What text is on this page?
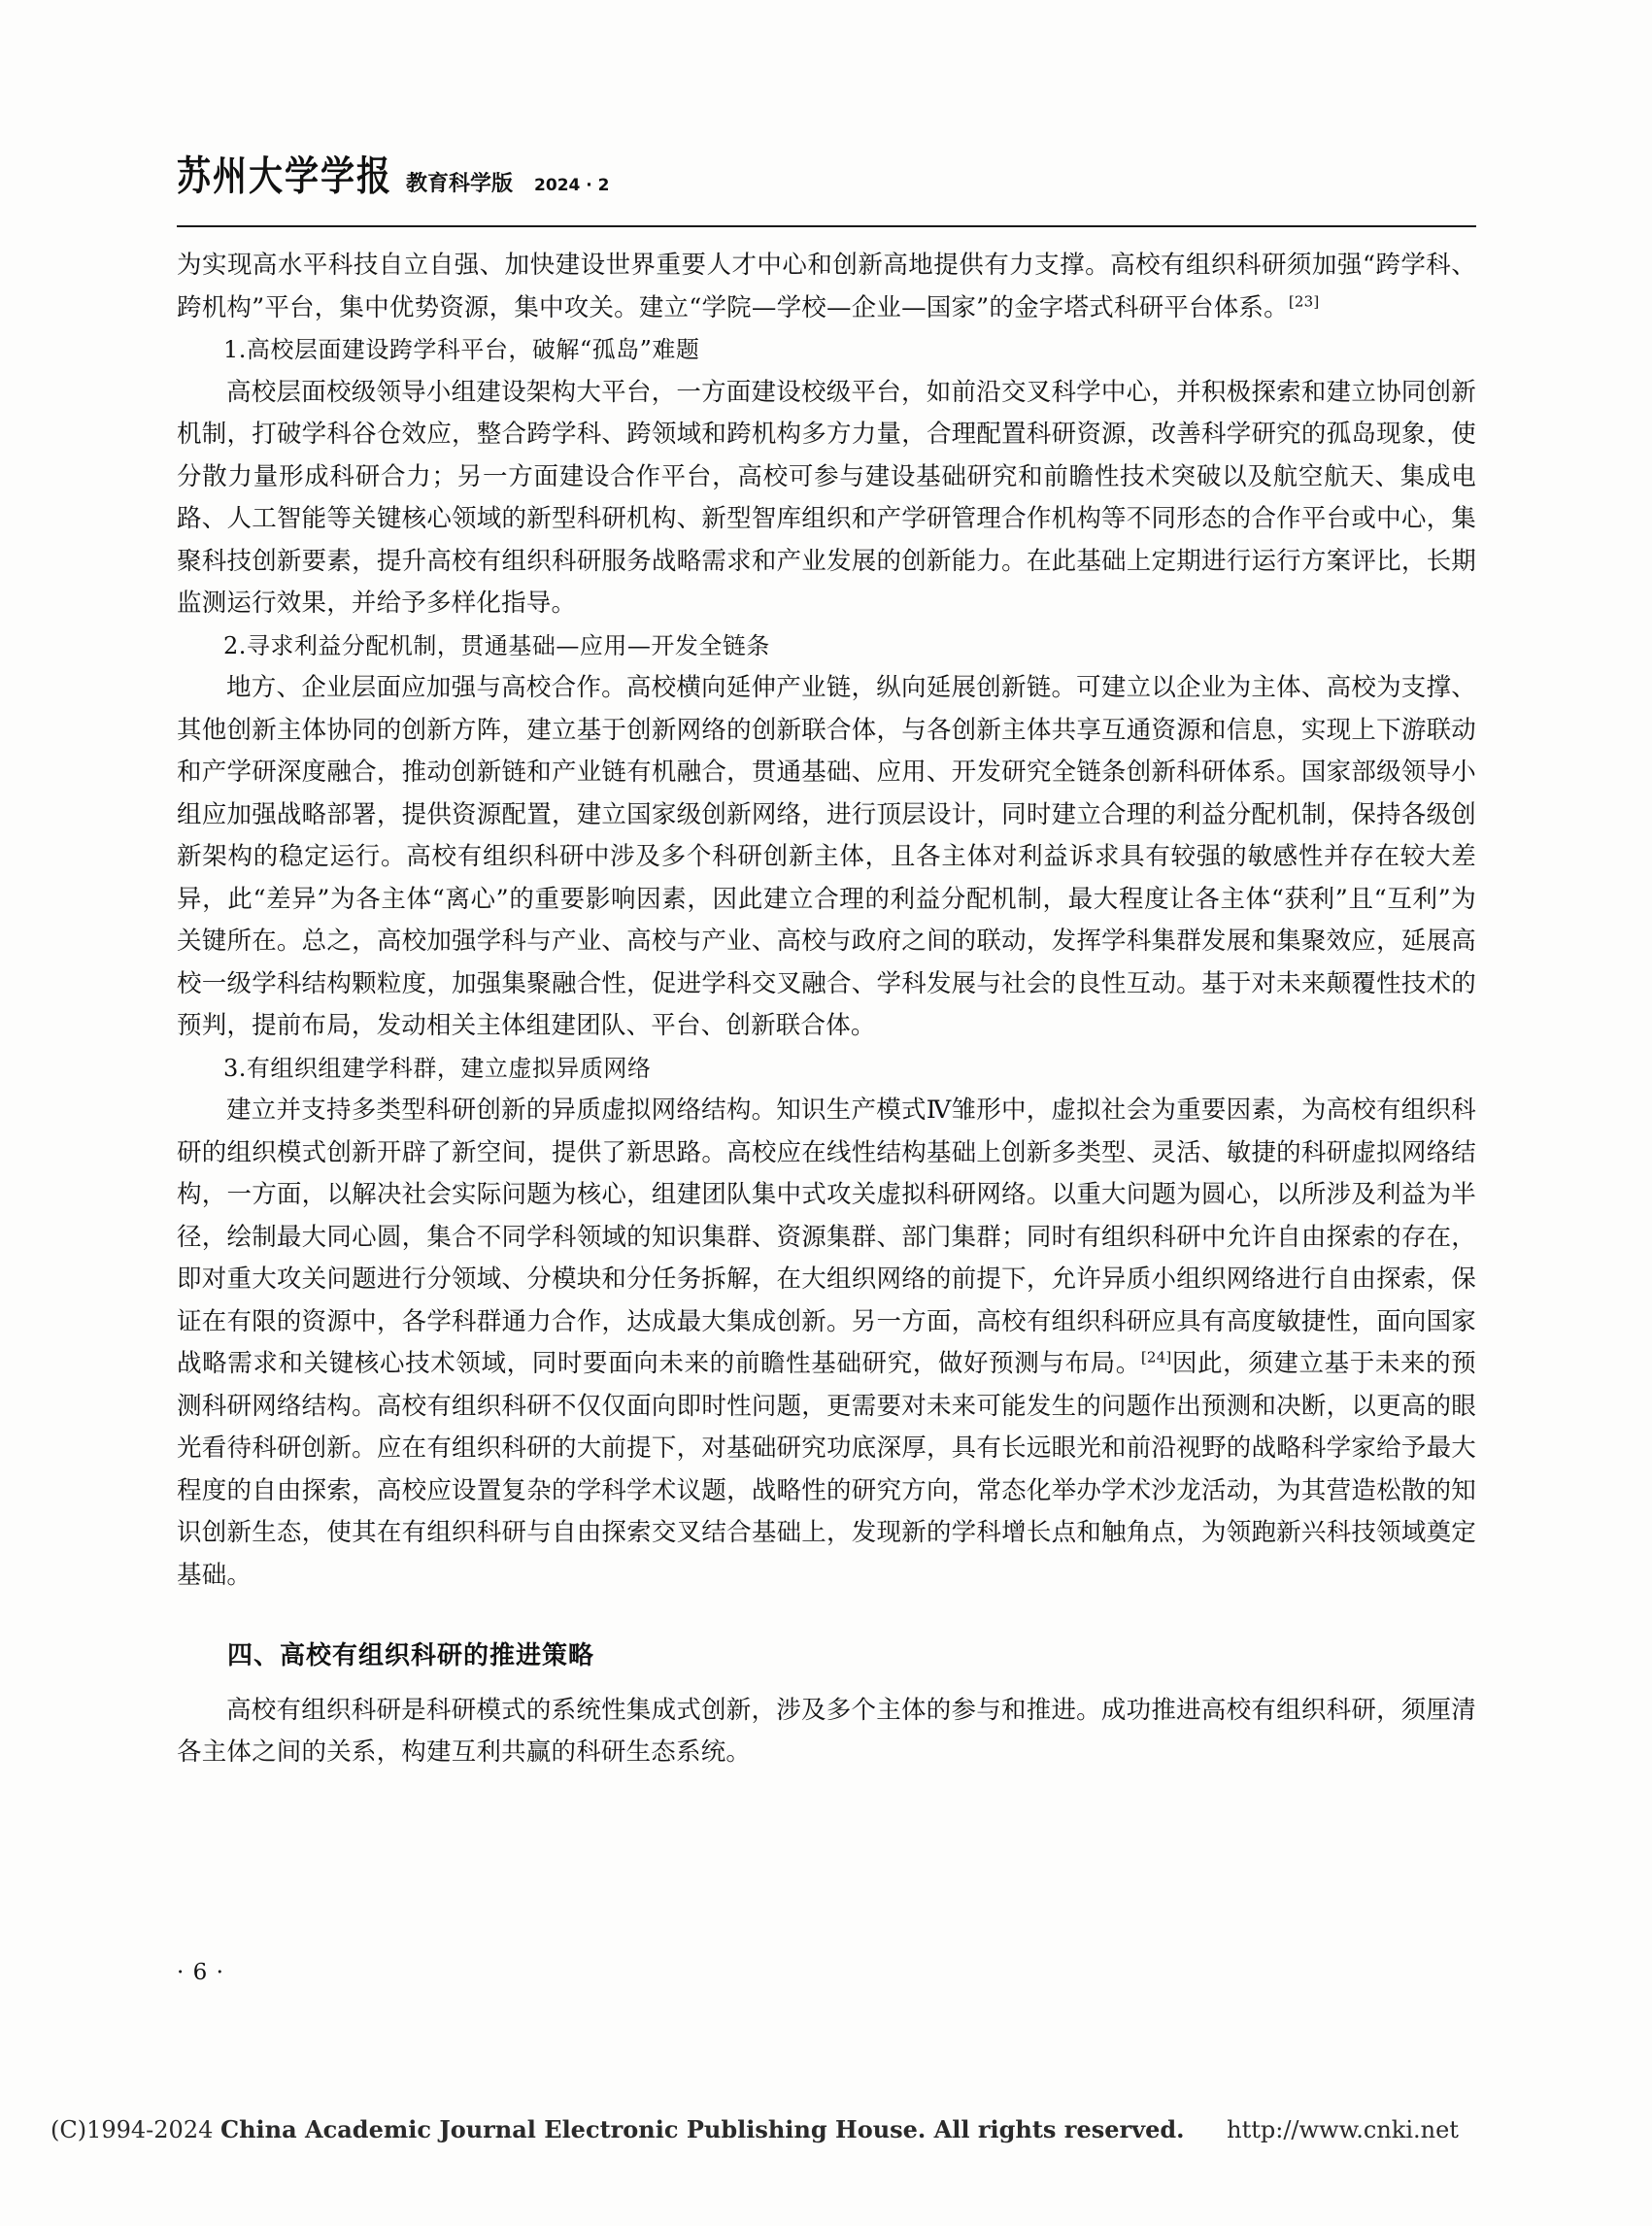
苏州大学学报 教育科学版	2024 · 2

为实现高水平科技自立自强、加快建设世界重要人才中心和创新高地提供有力支撑。高校有组织科研须加强“跨学科、跨机构”平台，集中优势资源，集中攻关。建立“学院—学校—企业—国家”的金字塔式科研平台体系。[23]

1.高校层面建设跨学科平台，破解“孤岛”难题

高校层面校级领导小组建设架构大平台，一方面建设校级平台，如前沿交叉科学中心，并积极探索和建立协同创新机制，打破学科谷仓效应，整合跨学科、跨领域和跨机构多方力量，合理配置科研资源，改善科学研究的孤岛现象，使分散力量形成科研合力；另一方面建设合作平台，高校可参与建设基础研究和前瞻性技术突破以及航空航天、集成电路、人工智能等关键核心领域的新型科研机构、新型智库组织和产学研管理合作机构等不同形态的合作平台或中心，集聚科技创新要素，提升高校有组织科研服务战略需求和产业发展的创新能力。在此基础上定期进行运行方案评比，长期监测运行效果，并给予多样化指导。

2.寻求利益分配机制，贯通基础—应用—开发全链条

地方、企业层面应加强与高校合作。高校横向延伸产业链，纵向延展创新链。可建立以企业为主体、高校为支撑、其他创新主体协同的创新方阵，建立基于创新网络的创新联合体，与各创新主体共享互通资源和信息，实现上下游联动和产学研深度融合，推动创新链和产业链有机融合，贯通基础、应用、开发研究全链条创新科研体系。国家部级领导小组应加强战略部署，提供资源配置，建立国家级创新网络，进行顶层设计，同时建立合理的利益分配机制，保持各级创新架构的稳定运行。高校有组织科研中涉及多个科研创新主体，且各主体对利益诉求具有较强的敏感性并存在较大差异，此“差异”为各主体“离心”的重要影响因素，因此建立合理的利益分配机制，最大程度让各主体“获利”且“互利”为关键所在。总之，高校加强学科与产业、高校与产业、高校与政府之间的联动，发挥学科集群发展和集聚效应，延展高校一级学科结构颗粒度，加强集聚融合性，促进学科交叉融合、学科发展与社会的良性互动。基于对未来颠覆性技术的预判，提前布局，发动相关主体组建团队、平台、创新联合体。

3.有组织组建学科群，建立虚拟异质网络

建立并支持多类型科研创新的异质虚拟网络结构。知识生产模式Ⅳ雏形中，虚拟社会为重要因素，为高校有组织科研的组织模式创新开辟了新空间，提供了新思路。高校应在线性结构基础上创新多类型、灵活、敏捷的科研虚拟网络结构，一方面，以解决社会实际问题为核心，组建团队集中式攻关虚拟科研网络。以重大问题为圆心，以所涉及利益为半径，绘制最大同心圆，集合不同学科领域的知识集群、资源集群、部门集群；同时有组织科研中允许自由探索的存在，即对重大攻关问题进行分领域、分模块和分任务拆解，在大组织网络的前提下，允许异质小组织网络进行自由探索，保证在有限的资源中，各学科群通力合作，达成最大集成创新。另一方面，高校有组织科研应具有高度敏捷性，面向国家战略需求和关键核心技术领域，同时要面向未来的前瞻性基础研究，做好预测与布局。[24]因此，须建立基于未来的预测科研网络结构。高校有组织科研不仅仅面向即时性问题，更需要对未来可能发生的问题作出预测和决断，以更高的眼光看待科研创新。应在有组织科研的大前提下，对基础研究功底深厚，具有长远眼光和前沿视野的战略科学家给予最大程度的自由探索，高校应设置复杂的学科学术议题，战略性的研究方向，常态化举办学术沙龙活动，为其营造松散的知识创新生态，使其在有组织科研与自由探索交叉结合基础上，发现新的学科增长点和触角点，为领跑新兴科技领域奠定基础。

四、高校有组织科研的推进策略

高校有组织科研是科研模式的系统性集成式创新，涉及多个主体的参与和推进。成功推进高校有组织科研，须厘清各主体之间的关系，构建互利共赢的科研生态系统。

· 6 ·
(C)1994-2024 China Academic Journal Electronic Publishing House. All rights reserved. http://www.cnki.net
